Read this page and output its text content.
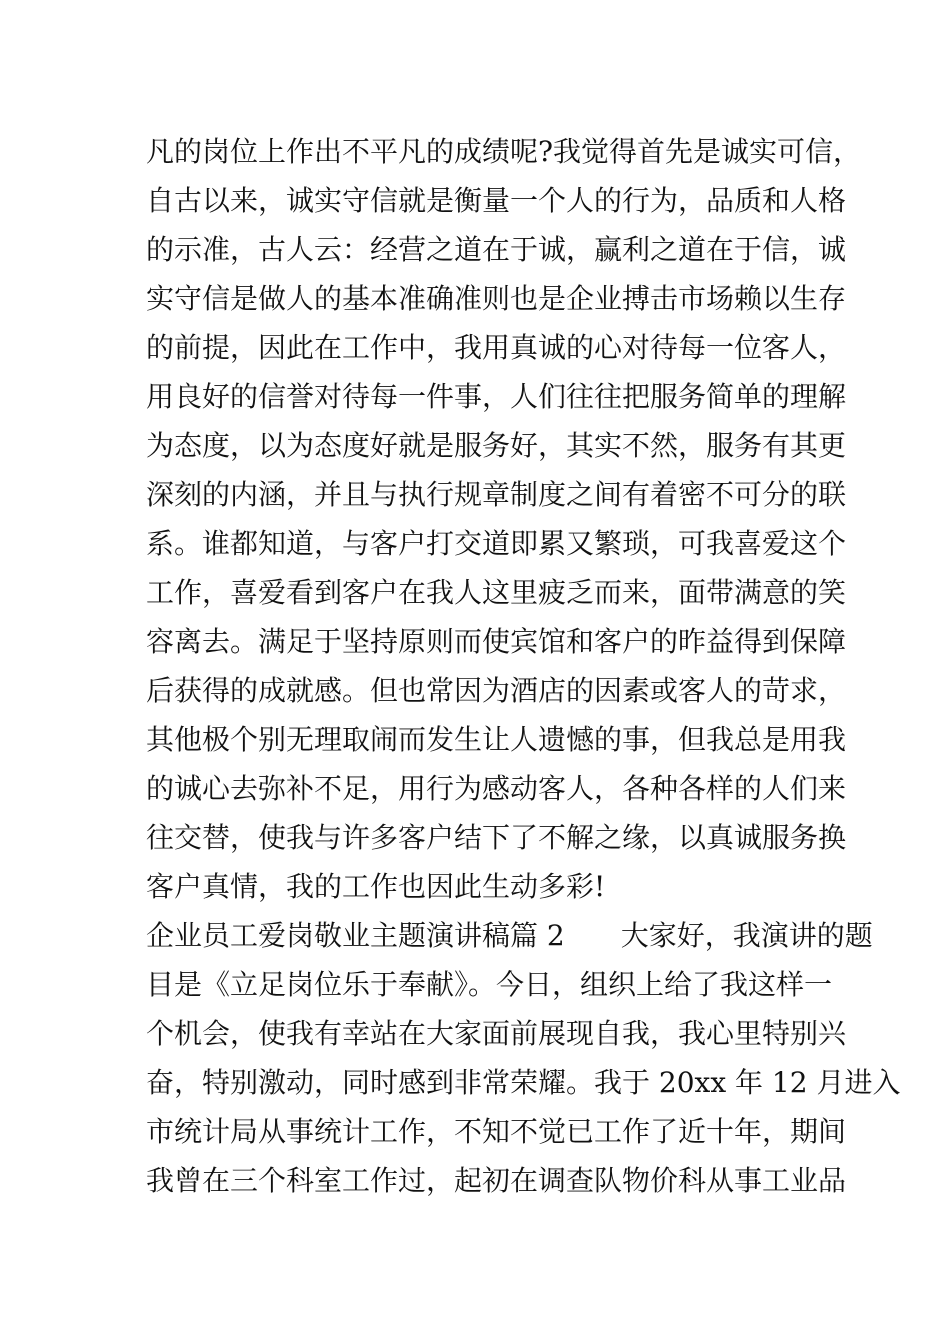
凡的岗位上作出不平凡的成绩呢?我觉得首先是诚实可信，
自古以来，诚实守信就是衡量一个人的行为，品质和人格
的示准，古人云：经营之道在于诚，赢利之道在于信，诚
实守信是做人的基本准确准则也是企业搏击市场赖以生存
的前提，因此在工作中，我用真诚的心对待每一位客人，
用良好的信誉对待每一件事，人们往往把服务简单的理解
为态度，以为态度好就是服务好，其实不然，服务有其更
深刻的内涵，并且与执行规章制度之间有着密不可分的联
系。谁都知道，与客户打交道即累又繁琐，可我喜爱这个
工作，喜爱看到客户在我人这里疲乏而来，面带满意的笑
容离去。满足于坚持原则而使宾馆和客户的昨益得到保障
后获得的成就感。但也常因为酒店的因素或客人的苛求，
其他极个别无理取闹而发生让人遗憾的事，但我总是用我
的诚心去弥补不足，用行为感动客人，各种各样的人们来
往交替，使我与许多客户结下了不解之缘，以真诚服务换
客户真情，我的工作也因此生动多彩!
企业员工爱岗敬业主题演讲稿篇 2　　大家好，我演讲的题
目是《立足岗位乐于奉献》。今日，组织上给了我这样一
个机会，使我有幸站在大家面前展现自我，我心里特别兴
奋，特别激动，同时感到非常荣耀。我于 20xx 年 12 月进入
市统计局从事统计工作，不知不觉已工作了近十年，期间
我曾在三个科室工作过，起初在调查队物价科从事工业品
